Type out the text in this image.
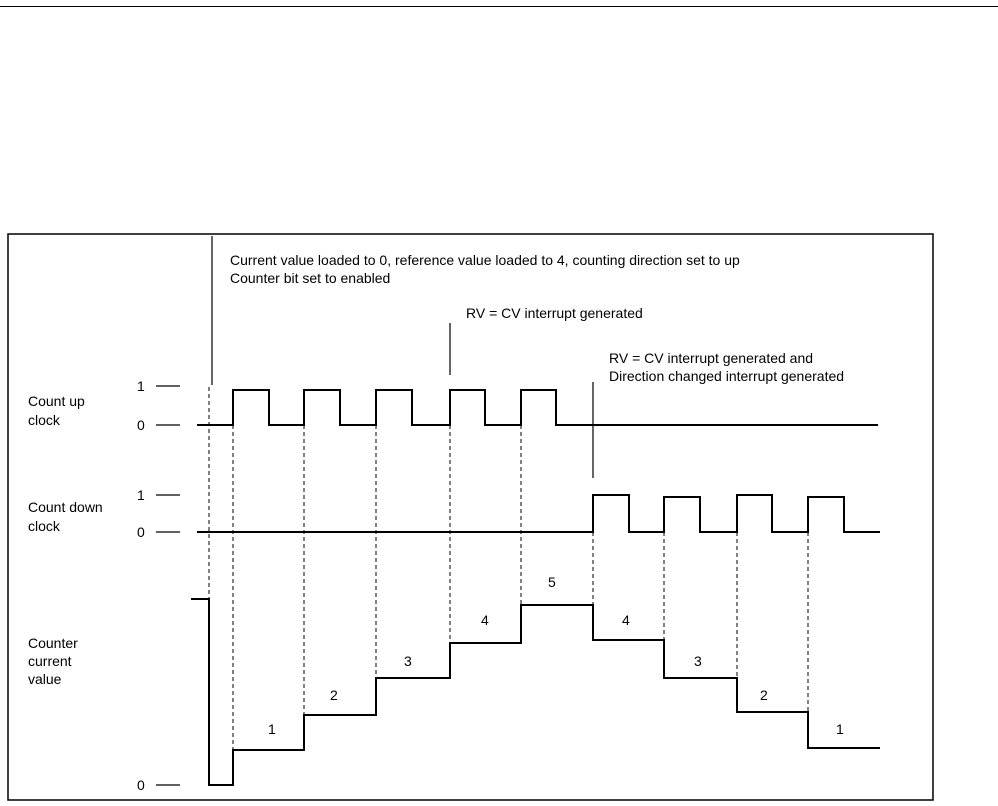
Current value loaded to 0, reference value loaded to 4, counting direction set to up
Counter bit set to enabled
RV = CV interrupt generated
RV = CV interrupt generated and
Direction changed interrupt generated
Count up
clock
Count down
clock
Counter
current
value
1
0
1
0
0
1
2
3
4
5
4
3
2
1
